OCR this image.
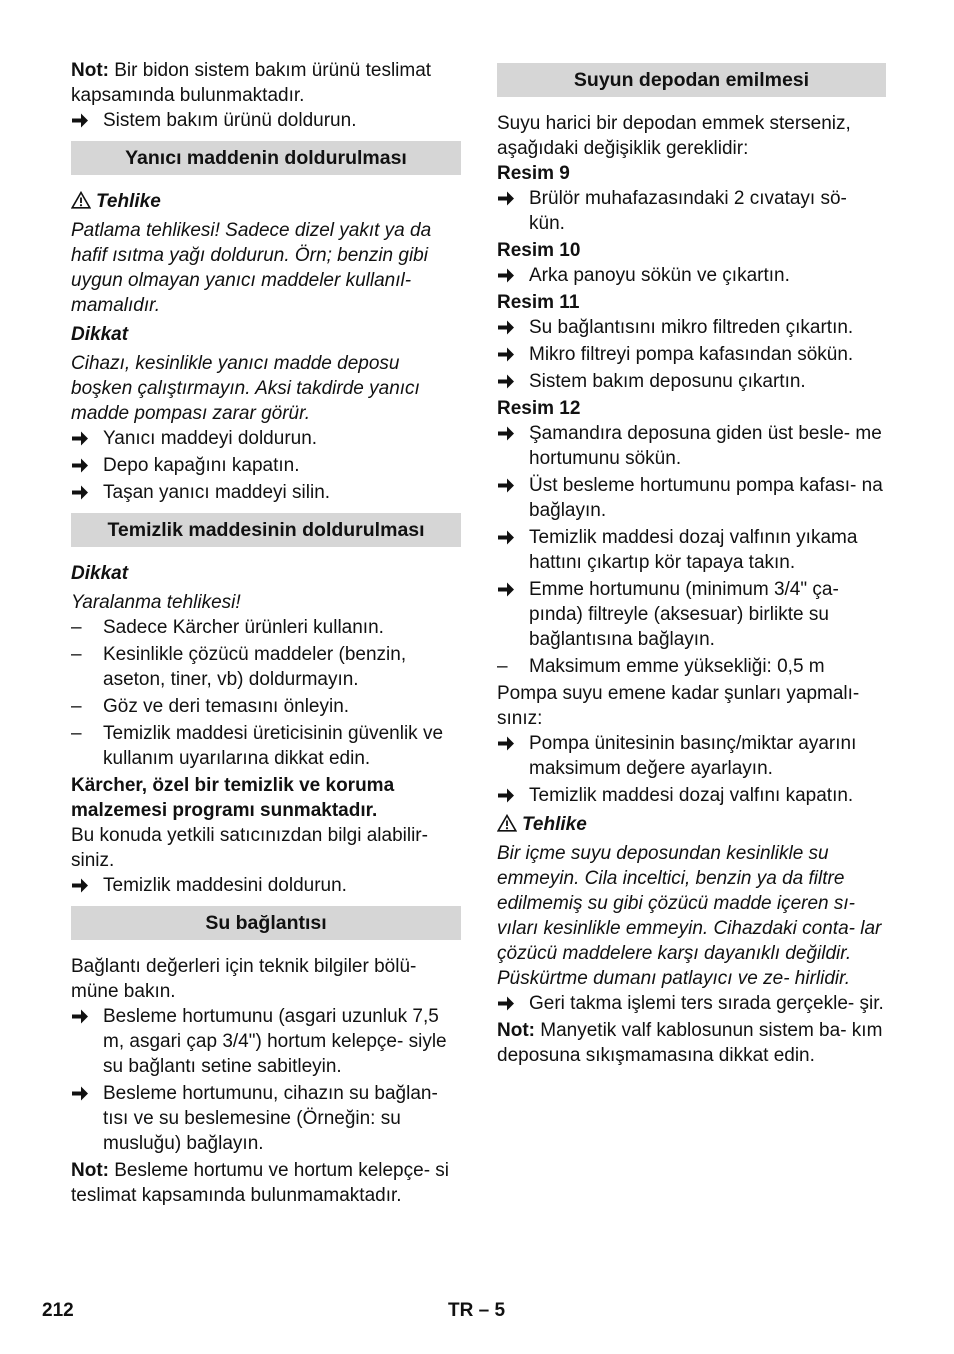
Not: Bir bidon sistem bakım ürünü teslimat kapsamında bulunmaktadır.

Sistem bakım ürünü doldurun.
Yanıcı maddenin doldurulması
Tehlike

Patlama tehlikesi! Sadece dizel yakıt ya da hafif ısıtma yağı doldurun. Örn; benzin gibi uygun olmayan yanıcı maddeler kullanıl- mamalıdır.

Dikkat

Cihazı, kesinlikle yanıcı madde deposu boşken çalıştırmayın. Aksi takdirde yanıcı madde pompası zarar görür.

Yanıcı maddeyi doldurun.
Depo kapağını kapatın.
Taşan yanıcı maddeyi silin.
Temizlik maddesinin doldurulması
Dikkat

Yaralanma tehlikesi!

– Sadece Kärcher ürünleri kullanın.
– Kesinlikle çözücü maddeler (benzin, aseton, tiner, vb) doldurmayın.
– Göz ve deri temasını önleyin.
– Temizlik maddesi üreticisinin güvenlik ve kullanım uyarılarına dikkat edin.

Kärcher, özel bir temizlik ve koruma malzemesi programı sunmaktadır.

Bu konuda yetkili satıcınızdan bilgi alabilir- siniz.

Temizlik maddesini doldurun.
Su bağlantısı

Bağlantı değerleri için teknik bilgiler bölü- müne bakın.

Besleme hortumunu (asgari uzunluk 7,5 m, asgari çap 3/4") hortum kelepçe- siyle su bağlantı setine sabitleyin.
Besleme hortumunu, cihazın su bağlan- tısı ve su beslemesine (Örneğin: su musluğu) bağlayın.

Not: Besleme hortumu ve hortum kelepçe- si teslimat kapsamında bulunmamaktadır.

Suyun depodan emilmesi

Suyu harici bir depodan emmek sterseniz, aşağıdaki değişiklik gereklidir:

Resim 9

Brülör muhafazasındaki 2 cıvatayı sö- kün.

Resim 10

Arka panoyu sökün ve çıkartın.

Resim 11

Su bağlantısını mikro filtreden çıkartın.
Mikro filtreyi pompa kafasından sökün.
Sistem bakım deposunu çıkartın.

Resim 12

Şamandıra deposuna giden üst besle- me hortumunu sökün.
Üst besleme hortumunu pompa kafası- na bağlayın.
Temizlik maddesi dozaj valfının yıkama hattını çıkartıp kör tapaya takın.
Emme hortumunu (minimum 3/4" ça- pında) filtreyle (aksesuar) birlikte su bağlantısına bağlayın.
– Maksimum emme yüksekliği: 0,5 m

Pompa suyu emene kadar şunları yapmalı- sınız:

Pompa ünitesinin basınç/miktar ayarını maksimum değere ayarlayın.
Temizlik maddesi dozaj valfını kapatın.
Tehlike

Bir içme suyu deposundan kesinlikle su emmeyin. Cila inceltici, benzin ya da filtre edilmemiş su gibi çözücü madde içeren sı- vıları kesinlikle emmeyin. Cihazdaki conta- lar çözücü maddelere karşı dayanıklı değildir. Püskürtme dumanı patlayıcı ve ze- hirlidir.

Geri takma işlemi ters sırada gerçekle- şir.

Not: Manyetik valf kablosunun sistem ba- kım deposuna sıkışmamasına dikkat edin.

212	TR – 5
